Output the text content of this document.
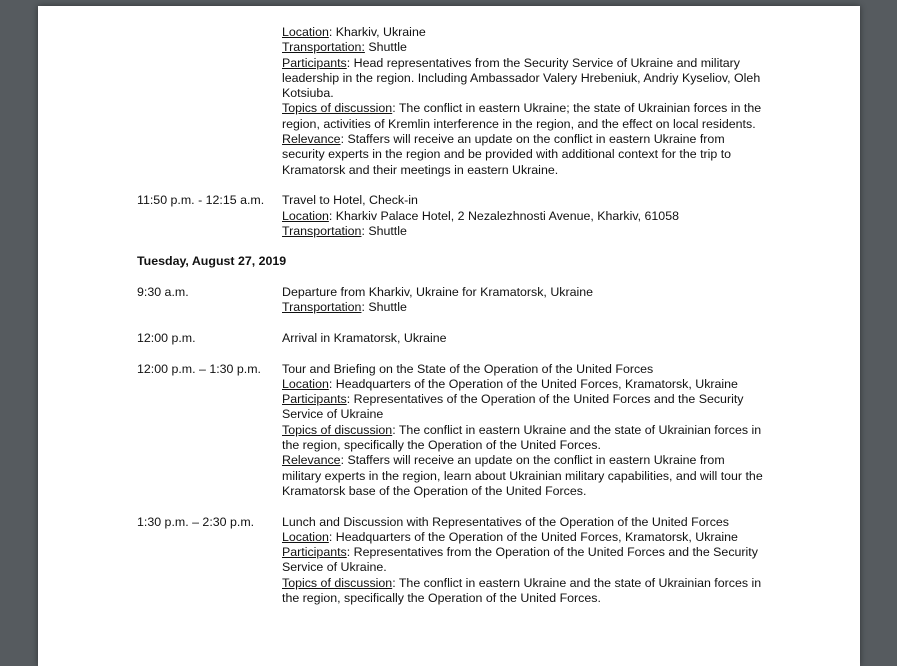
Location: Kharkiv, Ukraine
Transportation: Shuttle
Participants: Head representatives from the Security Service of Ukraine and military leadership in the region. Including Ambassador Valery Hrebeniuk, Andriy Kyseliov, Oleh Kotsiuba.
Topics of discussion: The conflict in eastern Ukraine; the state of Ukrainian forces in the region, activities of Kremlin interference in the region, and the effect on local residents.
Relevance: Staffers will receive an update on the conflict in eastern Ukraine from security experts in the region and be provided with additional context for the trip to Kramatorsk and their meetings in eastern Ukraine.
11:50 p.m. - 12:15 a.m.	Travel to Hotel, Check-in
Location: Kharkiv Palace Hotel, 2 Nezalezhnosti Avenue, Kharkiv, 61058
Transportation: Shuttle
Tuesday, August 27, 2019
9:30 a.m.	Departure from Kharkiv, Ukraine for Kramatorsk, Ukraine
Transportation: Shuttle
12:00 p.m.	Arrival in Kramatorsk, Ukraine
12:00 p.m. – 1:30 p.m.	Tour and Briefing on the State of the Operation of the United Forces
Location: Headquarters of the Operation of the United Forces, Kramatorsk, Ukraine
Participants: Representatives of the Operation of the United Forces and the Security Service of Ukraine
Topics of discussion: The conflict in eastern Ukraine and the state of Ukrainian forces in the region, specifically the Operation of the United Forces.
Relevance: Staffers will receive an update on the conflict in eastern Ukraine from military experts in the region, learn about Ukrainian military capabilities, and will tour the Kramatorsk base of the Operation of the United Forces.
1:30 p.m. – 2:30 p.m.	Lunch and Discussion with Representatives of the Operation of the United Forces
Location: Headquarters of the Operation of the United Forces, Kramatorsk, Ukraine
Participants: Representatives from the Operation of the United Forces and the Security Service of Ukraine.
Topics of discussion: The conflict in eastern Ukraine and the state of Ukrainian forces in the region, specifically the Operation of the United Forces.
